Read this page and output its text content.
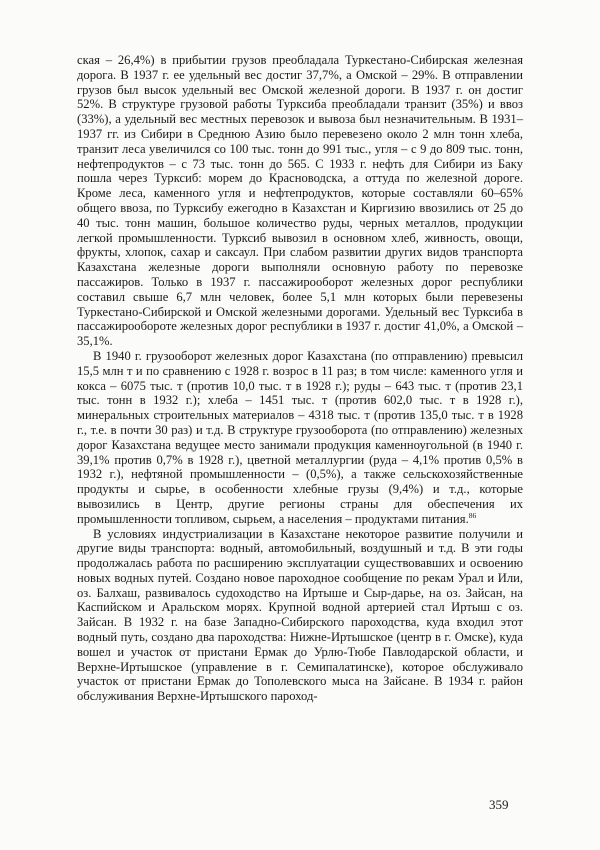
ская – 26,4%) в прибытии грузов преобладала Туркестано-Сибирская железная дорога. В 1937 г. ее удельный вес достиг 37,7%, а Омской – 29%. В отправлении грузов был высок удельный вес Омской железной дороги. В 1937 г. он достиг 52%. В структуре грузовой работы Турксиба преобладали транзит (35%) и ввоз (33%), а удельный вес местных перевозок и вывоза был незначительным. В 1931–1937 гг. из Сибири в Среднюю Азию было перевезено около 2 млн тонн хлеба, транзит леса увеличился со 100 тыс. тонн до 991 тыс., угля – с 9 до 809 тыс. тонн, нефтепродуктов – с 73 тыс. тонн до 565. С 1933 г. нефть для Сибири из Баку пошла через Турксиб: морем до Красноводска, а оттуда по железной дороге. Кроме леса, каменного угля и нефтепродуктов, которые составляли 60–65% общего ввоза, по Турксибу ежегодно в Казахстан и Киргизию ввозились от 25 до 40 тыс. тонн машин, большое количество руды, черных металлов, продукции легкой промышленности. Турксиб вывозил в основном хлеб, живность, овощи, фрукты, хлопок, сахар и саксаул. При слабом развитии других видов транспорта Казахстана железные дороги выполняли основную работу по перевозке пассажиров. Только в 1937 г. пассажирооборот железных дорог республики составил свыше 6,7 млн человек, более 5,1 млн которых были перевезены Туркестано-Сибирской и Омской железными дорогами. Удельный вес Турксиба в пассажирообороте железных дорог республики в 1937 г. достиг 41,0%, а Омской – 35,1%.

В 1940 г. грузооборот железных дорог Казахстана (по отправлению) превысил 15,5 млн т и по сравнению с 1928 г. возрос в 11 раз; в том числе: каменного угля и кокса – 6075 тыс. т (против 10,0 тыс. т в 1928 г.); руды – 643 тыс. т (против 23,1 тыс. тонн в 1932 г.); хлеба – 1451 тыс. т (против 602,0 тыс. т в 1928 г.), минеральных строительных материалов – 4318 тыс. т (против 135,0 тыс. т в 1928 г., т.е. в почти 30 раз) и т.д. В структуре грузооборота (по отправлению) железных дорог Казахстана ведущее место занимали продукция каменноугольной (в 1940 г. 39,1% против 0,7% в 1928 г.), цветной металлургии (руда – 4,1% против 0,5% в 1932 г.), нефтяной промышленности – (0,5%), а также сельскохозяйственные продукты и сырье, в особенности хлебные грузы (9,4%) и т.д., которые вывозились в Центр, другие регионы страны для обеспечения их промышленности топливом, сырьем, а населения – продуктами питания.$^{86}$

В условиях индустриализации в Казахстане некоторое развитие получили и другие виды транспорта: водный, автомобильный, воздушный и т.д. В эти годы продолжалась работа по расширению эксплуатации существовавших и освоению новых водных путей. Создано новое пароходное сообщение по рекам Урал и Или, оз. Балхаш, развивалось судоходство на Иртыше и Сыр-дарье, на оз. Зайсан, на Каспийском и Аральском морях. Крупной водной артерией стал Иртыш с оз. Зайсан. В 1932 г. на базе Западно-Сибирского пароходства, куда входил этот водный путь, создано два пароходства: Нижне-Иртышское (центр в г. Омске), куда вошел и участок от пристани Ермак до Урлю-Тюбе Павлодарской области, и Верхне-Иртышское (управление в г. Семипалатинске), которое обслуживало участок от пристани Ермак до Тополевского мыса на Зайсане. В 1934 г. район обслуживания Верхне-Иртышского пароход-

359
